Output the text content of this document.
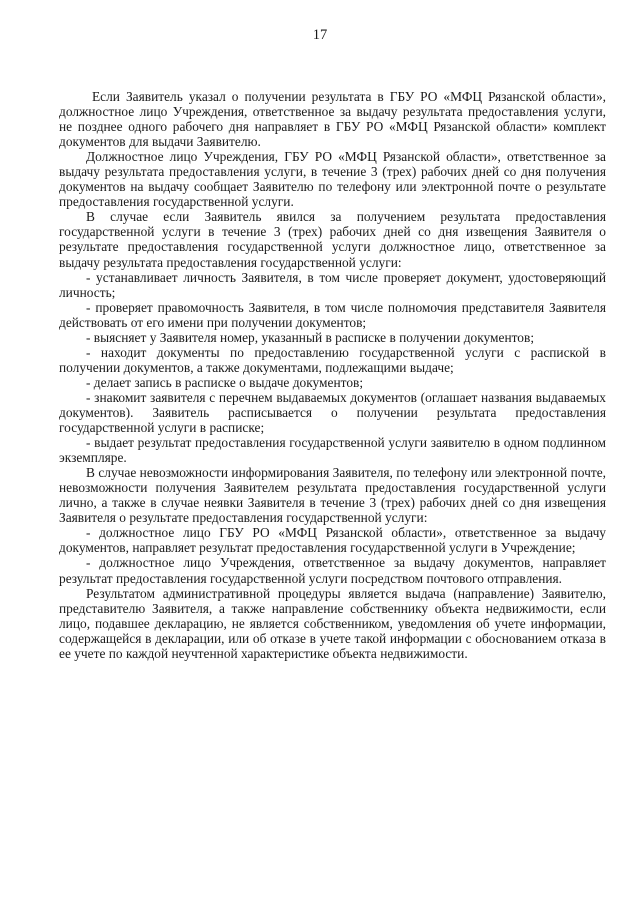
17

Если Заявитель указал о получении результата в ГБУ РО «МФЦ Рязанской области», должностное лицо Учреждения, ответственное за выдачу результата предоставления услуги, не позднее одного рабочего дня направляет в ГБУ РО «МФЦ Рязанской области» комплект документов для выдачи Заявителю.

Должностное лицо Учреждения, ГБУ РО «МФЦ Рязанской области», ответственное за выдачу результата предоставления услуги, в течение 3 (трех) рабочих дней со дня получения документов на выдачу сообщает Заявителю по телефону или электронной почте о результате предоставления государственной услуги.

В случае если Заявитель явился за получением результата предоставления государственной услуги в течение 3 (трех) рабочих дней со дня извещения Заявителя о результате предоставления государственной услуги должностное лицо, ответственное за выдачу результата предоставления государственной услуги:

- устанавливает личность Заявителя, в том числе проверяет документ, удостоверяющий личность;

- проверяет правомочность Заявителя, в том числе полномочия представителя Заявителя действовать от его имени при получении документов;

- выясняет у Заявителя номер, указанный в расписке в получении документов;

- находит документы по предоставлению государственной услуги с распиской в получении документов, а также документами, подлежащими выдаче;

- делает запись в расписке о выдаче документов;

- знакомит заявителя с перечнем выдаваемых документов (оглашает названия выдаваемых документов). Заявитель расписывается о получении результата предоставления государственной услуги в расписке;

- выдает результат предоставления государственной услуги заявителю в одном подлинном экземпляре.

В случае невозможности информирования Заявителя, по телефону или электронной почте, невозможности получения Заявителем результата предоставления государственной услуги лично, а также в случае неявки Заявителя в течение 3 (трех) рабочих дней со дня извещения Заявителя о результате предоставления государственной услуги:

- должностное лицо ГБУ РО «МФЦ Рязанской области», ответственное за выдачу документов, направляет результат предоставления государственной услуги в Учреждение;

- должностное лицо Учреждения, ответственное за выдачу документов, направляет результат предоставления государственной услуги посредством почтового отправления.

Результатом административной процедуры является выдача (направление) Заявителю, представителю Заявителя, а также направление собственнику объекта недвижимости, если лицо, подавшее декларацию, не является собственником, уведомления об учете информации, содержащейся в декларации, или об отказе в учете такой информации с обоснованием отказа в ее учете по каждой неучтенной характеристике объекта недвижимости.
